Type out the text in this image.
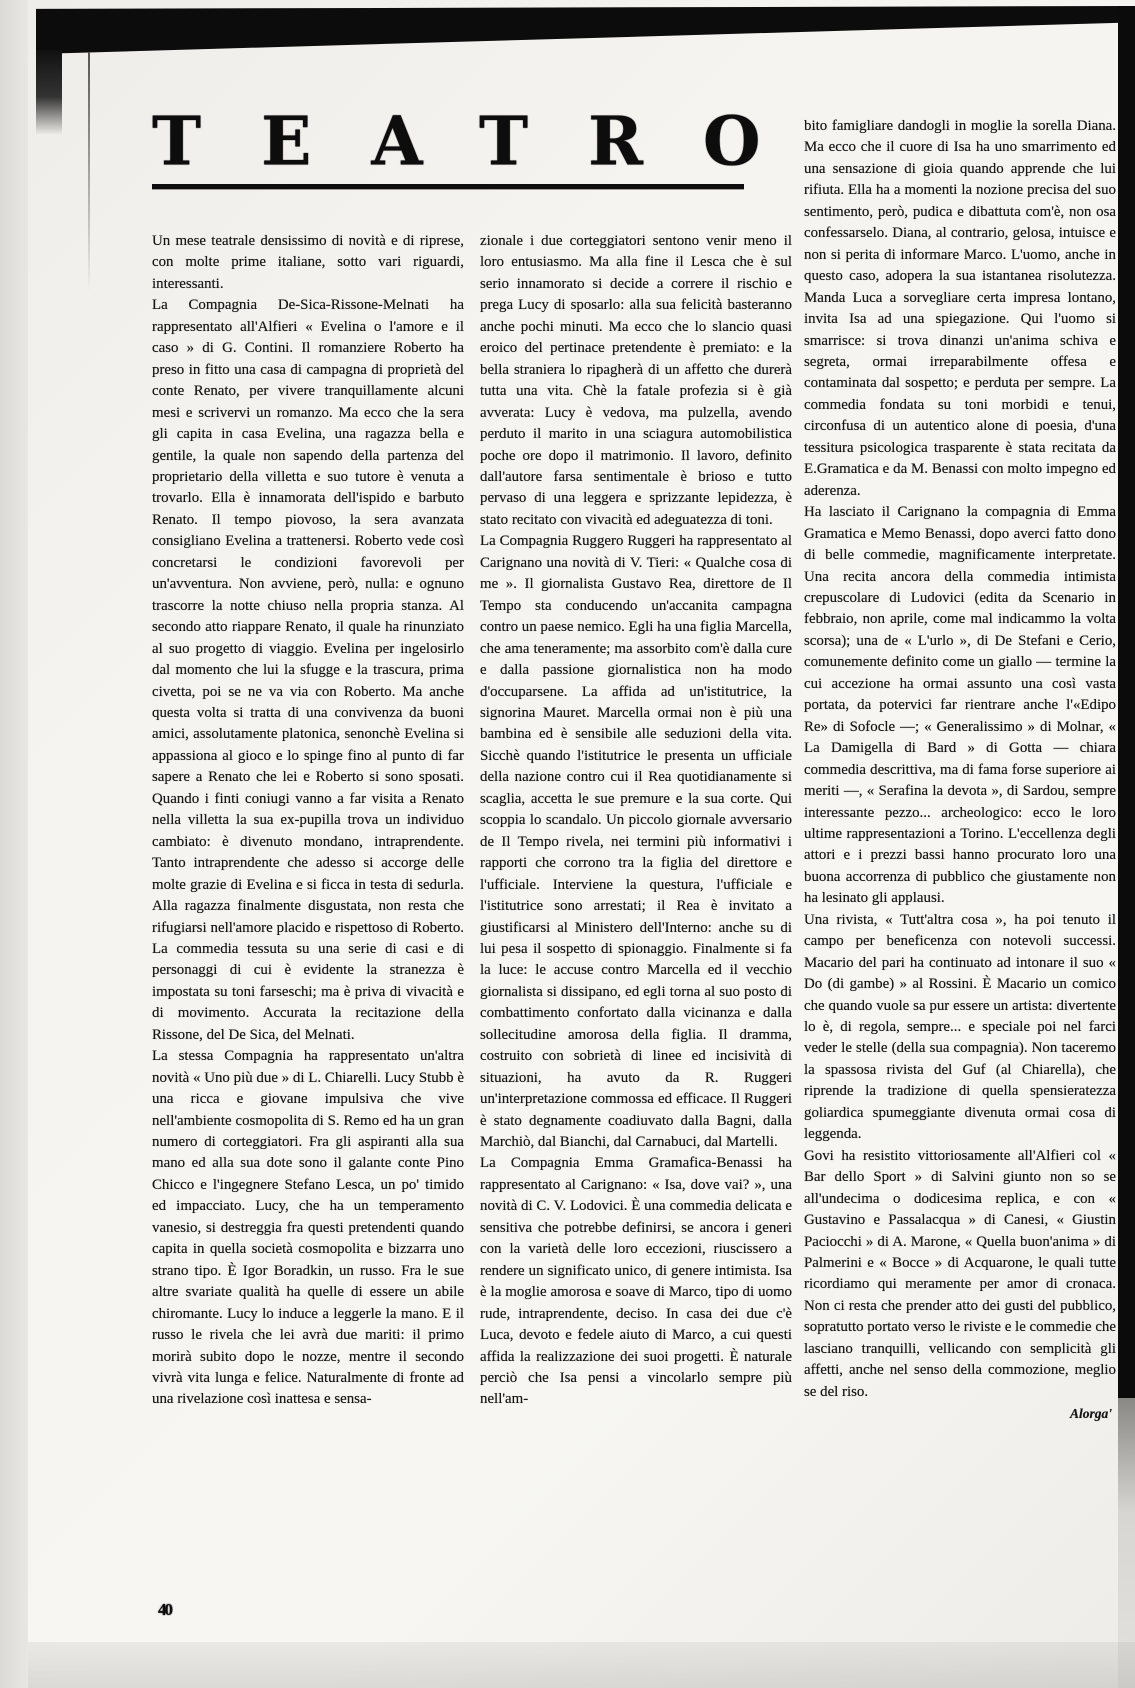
TEATRO

Un mese teatrale densissimo di novità e di riprese, con molte prime italiane, sotto vari riguardi, interessanti.

La Compagnia De-Sica-Rissone-Melnati ha rappresentato all'Alfieri « Evelina o l'amore e il caso » di G. Contini. Il romanziere Roberto ha preso in fitto una casa di campagna di proprietà del conte Renato, per vivere tranquillamente alcuni mesi e scrivervi un romanzo. Ma ecco che la sera gli capita in casa Evelina, una ragazza bella e gentile, la quale non sapendo della partenza del proprietario della villetta e suo tutore è venuta a trovarlo. Ella è innamorata dell'ispido e barbuto Renato. Il tempo piovoso, la sera avanzata consigliano Evelina a trattenersi. Roberto vede così concretarsi le condizioni favorevoli per un'avventura. Non avviene, però, nulla: e ognuno trascorre la notte chiuso nella propria stanza. Al secondo atto riappare Renato, il quale ha rinunziato al suo progetto di viaggio. Evelina per ingelosirlo dal momento che lui la sfugge e la trascura, prima civetta, poi se ne va via con Roberto. Ma anche questa volta si tratta di una convivenza da buoni amici, assolutamente platonica, senonchè Evelina si appassiona al gioco e lo spinge fino al punto di far sapere a Renato che lei e Roberto si sono sposati. Quando i finti coniugi vanno a far visita a Renato nella villetta la sua ex-pupilla trova un individuo cambiato: è divenuto mondano, intraprendente. Tanto intraprendente che adesso si accorge delle molte grazie di Evelina e si ficca in testa di sedurla. Alla ragazza finalmente disgustata, non resta che rifugiarsi nell'amore placido e rispettoso di Roberto. La commedia tessuta su una serie di casi e di personaggi di cui è evidente la stranezza è impostata su toni farseschi; ma è priva di vivacità e di movimento. Accurata la recitazione della Rissone, del De Sica, del Melnati.

La stessa Compagnia ha rappresentato un'altra novità « Uno più due » di L. Chiarelli. Lucy Stubb è una ricca e giovane impulsiva che vive nell'ambiente cosmopolita di S. Remo ed ha un gran numero di corteggiatori. Fra gli aspiranti alla sua mano ed alla sua dote sono il galante conte Pino Chicco e l'ingegnere Stefano Lesca, un po' timido ed impacciato. Lucy, che ha un temperamento vanesio, si destreggia fra questi pretendenti quando capita in quella società cosmopolita e bizzarra uno strano tipo. È Igor Boradkin, un russo. Fra le sue altre svariate qualità ha quelle di essere un abile chiromante. Lucy lo induce a leggerle la mano. E il russo le rivela che lei avrà due mariti: il primo morirà subito dopo le nozze, mentre il secondo vivrà vita lunga e felice. Naturalmente di fronte ad una rivelazione così inattesa e sensa-

zionale i due corteggiatori sentono venir meno il loro entusiasmo. Ma alla fine il Lesca che è sul serio innamorato si decide a correre il rischio e prega Lucy di sposarlo: alla sua felicità basteranno anche pochi minuti. Ma ecco che lo slancio quasi eroico del pertinace pretendente è premiato: e la bella straniera lo ripagherà di un affetto che durerà tutta una vita. Chè la fatale profezia si è già avverata: Lucy è vedova, ma pulzella, avendo perduto il marito in una sciagura automobilistica poche ore dopo il matrimonio. Il lavoro, definito dall'autore farsa sentimentale è brioso e tutto pervaso di una leggera e sprizzante lepidezza, è stato recitato con vivacità ed adeguatezza di toni.

La Compagnia Ruggero Ruggeri ha rappresentato al Carignano una novità di V. Tieri: « Qualche cosa di me ». Il giornalista Gustavo Rea, direttore de Il Tempo sta conducendo un'accanita campagna contro un paese nemico. Egli ha una figlia Marcella, che ama teneramente; ma assorbito com'è dalla cure e dalla passione giornalistica non ha modo d'occuparsene. La affida ad un'istitutrice, la signorina Mauret. Marcella ormai non è più una bambina ed è sensibile alle seduzioni della vita. Sicchè quando l'istitutrice le presenta un ufficiale della nazione contro cui il Rea quotidianamente si scaglia, accetta le sue premure e la sua corte. Qui scoppia lo scandalo. Un piccolo giornale avversario de Il Tempo rivela, nei termini più informativi i rapporti che corrono tra la figlia del direttore e l'ufficiale. Interviene la questura, l'ufficiale e l'istitutrice sono arrestati; il Rea è invitato a giustificarsi al Ministero dell'Interno: anche su di lui pesa il sospetto di spionaggio. Finalmente si fa la luce: le accuse contro Marcella ed il vecchio giornalista si dissipano, ed egli torna al suo posto di combattimento confortato dalla vicinanza e dalla sollecitudine amorosa della figlia. Il dramma, costruito con sobrietà di linee ed incisività di situazioni, ha avuto da R. Ruggeri un'interpretazione commossa ed efficace. Il Ruggeri è stato degnamente coadiuvato dalla Bagni, dalla Marchiò, dal Bianchi, dal Carnabuci, dal Martelli.

La Compagnia Emma Gramafica-Benassi ha rappresentato al Carignano: « Isa, dove vai? », una novità di C. V. Lodovici. È una commedia delicata e sensitiva che potrebbe definirsi, se ancora i generi con la varietà delle loro eccezioni, riuscissero a rendere un significato unico, di genere intimista. Isa è la moglie amorosa e soave di Marco, tipo di uomo rude, intraprendente, deciso. In casa dei due c'è Luca, devoto e fedele aiuto di Marco, a cui questi affida la realizzazione dei suoi progetti. È naturale perciò che Isa pensi a vincolarlo sempre più nell'am-

bito famigliare dandogli in moglie la sorella Diana. Ma ecco che il cuore di Isa ha uno smarrimento ed una sensazione di gioia quando apprende che lui rifiuta. Ella ha a momenti la nozione precisa del suo sentimento, però, pudica e dibattuta com'è, non osa confessarselo. Diana, al contrario, gelosa, intuisce e non si perita di informare Marco. L'uomo, anche in questo caso, adopera la sua istantanea risolutezza. Manda Luca a sorvegliare certa impresa lontano, invita Isa ad una spiegazione. Qui l'uomo si smarrisce: si trova dinanzi un'anima schiva e segreta, ormai irreparabilmente offesa e contaminata dal sospetto; e perduta per sempre. La commedia fondata su toni morbidi e tenui, circonfusa di un autentico alone di poesia, d'una tessitura psicologica trasparente è stata recitata da E.Gramatica e da M. Benassi con molto impegno ed aderenza.

Ha lasciato il Carignano la compagnia di Emma Gramatica e Memo Benassi, dopo averci fatto dono di belle commedie, magnificamente interpretate. Una recita ancora della commedia intimista crepuscolare di Ludovici (edita da Scenario in febbraio, non aprile, come mal indicammo la volta scorsa); una de « L'urlo », di De Stefani e Cerio, comunemente definito come un giallo — termine la cui accezione ha ormai assunto una così vasta portata, da potervici far rientrare anche l'«Edipo Re» di Sofocle —; « Generalissimo » di Molnar, « La Damigella di Bard » di Gotta — chiara commedia descrittiva, ma di fama forse superiore ai meriti —, « Serafina la devota », di Sardou, sempre interessante pezzo... archeologico: ecco le loro ultime rappresentazioni a Torino. L'eccellenza degli attori e i prezzi bassi hanno procurato loro una buona accorrenza di pubblico che giustamente non ha lesinato gli applausi.

Una rivista, « Tutt'altra cosa », ha poi tenuto il campo per beneficenza con notevoli successi. Macario del pari ha continuato ad intonare il suo « Do (di gambe) » al Rossini. È Macario un comico che quando vuole sa pur essere un artista: divertente lo è, di regola, sempre... e speciale poi nel farci veder le stelle (della sua compagnia). Non taceremo la spassosa rivista del Guf (al Chiarella), che riprende la tradizione di quella spensieratezza goliardica spumeggiante divenuta ormai cosa di leggenda.

Govi ha resistito vittoriosamente all'Alfieri col « Bar dello Sport » di Salvini giunto non so se all'undecima o dodicesima replica, e con « Gustavino e Passalacqua » di Canesi, « Giustin Paciocchi » di A. Marone, « Quella buon'anima » di Palmerini e « Bocce » di Acquarone, le quali tutte ricordiamo qui meramente per amor di cronaca. Non ci resta che prender atto dei gusti del pubblico, sopratutto portato verso le riviste e le commedie che lasciano tranquilli, vellicando con semplicità gli affetti, anche nel senso della commozione, meglio se del riso.

Alorga'

40
